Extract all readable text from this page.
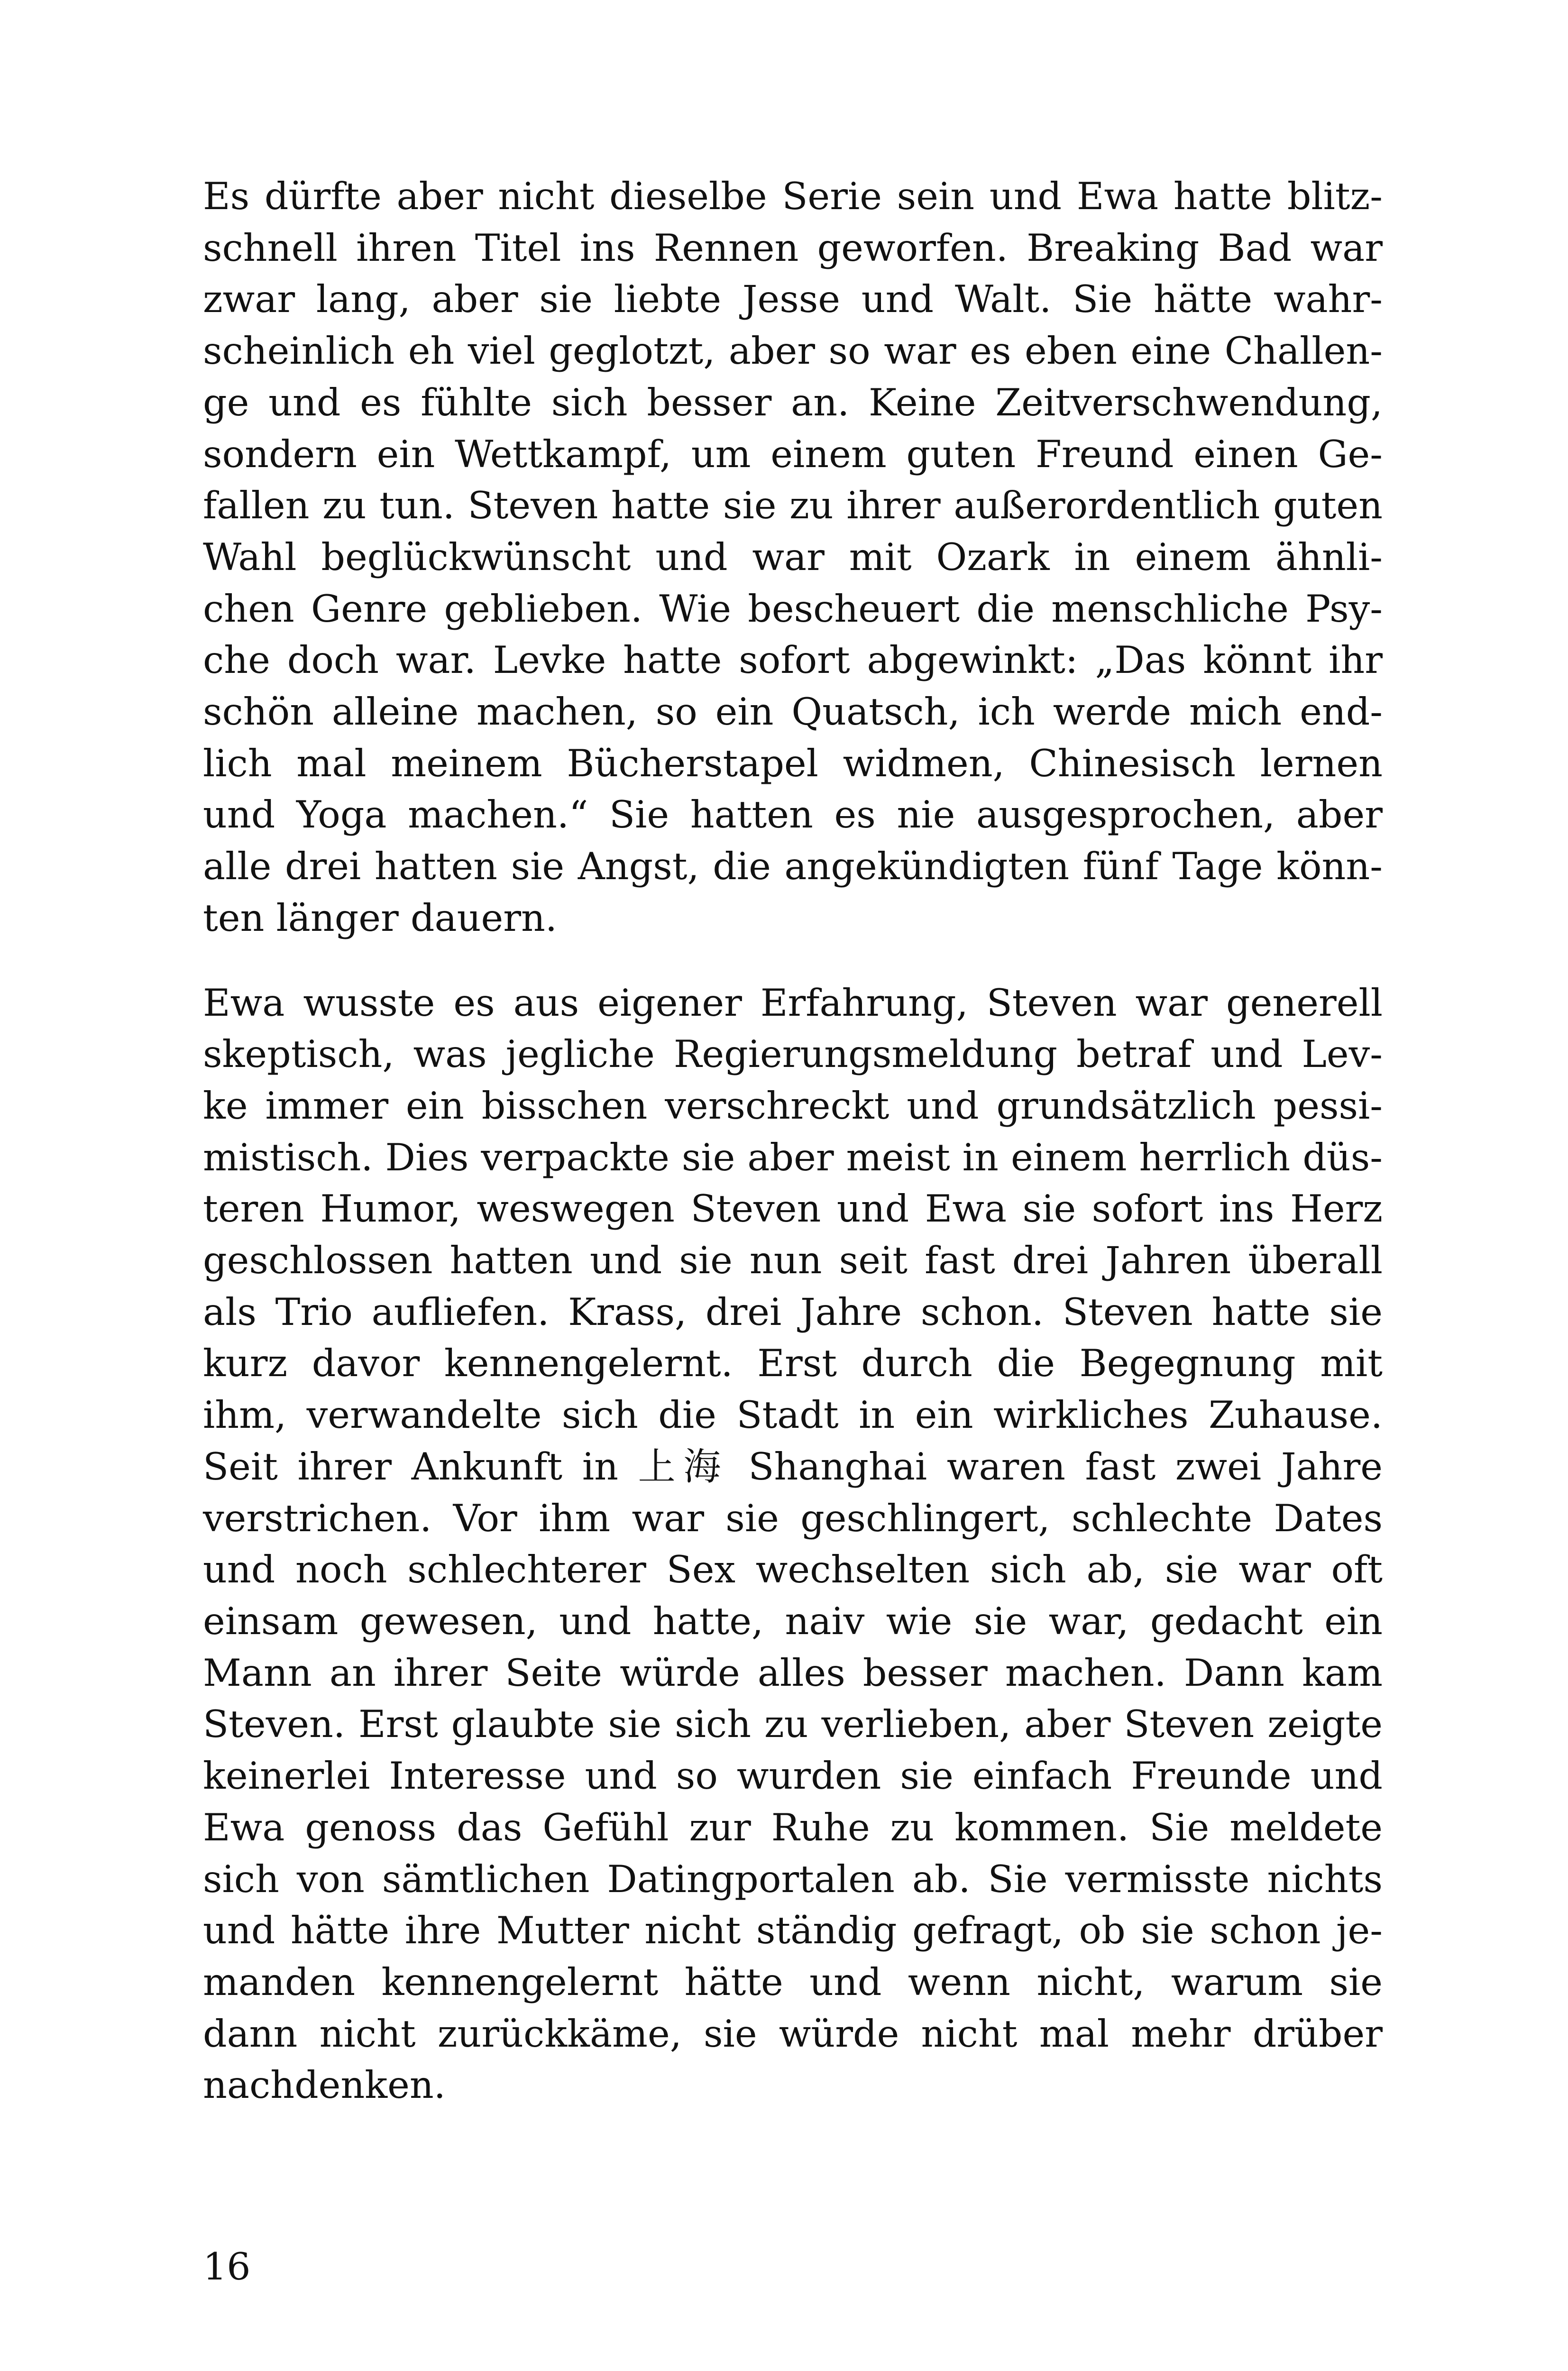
Es dürfte aber nicht dieselbe Serie sein und Ewa hatte blitz-
schnell ihren Titel ins Rennen geworfen. Breaking Bad war
zwar lang, aber sie liebte Jesse und Walt. Sie hätte wahr-
scheinlich eh viel geglotzt, aber so war es eben eine Challen-
ge und es fühlte sich besser an. Keine Zeitverschwendung,
sondern ein Wettkampf, um einem guten Freund einen Ge-
fallen zu tun. Steven hatte sie zu ihrer außerordentlich guten
Wahl beglückwünscht und war mit Ozark in einem ähnli-
chen Genre geblieben. Wie bescheuert die menschliche Psy-
che doch war. Levke hatte sofort abgewinkt: „Das könnt ihr
schön alleine machen, so ein Quatsch, ich werde mich end-
lich mal meinem Bücherstapel widmen, Chinesisch lernen
und Yoga machen.“ Sie hatten es nie ausgesprochen, aber
alle drei hatten sie Angst, die angekündigten fünf Tage könn-
ten länger dauern.
Ewa wusste es aus eigener Erfahrung, Steven war generell
skeptisch, was jegliche Regierungsmeldung betraf und Lev-
ke immer ein bisschen verschreckt und grundsätzlich pessi-
mistisch. Dies verpackte sie aber meist in einem herrlich düs-
teren Humor, weswegen Steven und Ewa sie sofort ins Herz
geschlossen hatten und sie nun seit fast drei Jahren überall
als Trio aufliefen. Krass, drei Jahre schon. Steven hatte sie
kurz davor kennengelernt. Erst durch die Begegnung mit
ihm, verwandelte sich die Stadt in ein wirkliches Zuhause.
Seit ihrer Ankunft in 上海 Shanghai waren fast zwei Jahre
verstrichen. Vor ihm war sie geschlingert, schlechte Dates
und noch schlechterer Sex wechselten sich ab, sie war oft
einsam gewesen, und hatte, naiv wie sie war, gedacht ein
Mann an ihrer Seite würde alles besser machen. Dann kam
Steven. Erst glaubte sie sich zu verlieben, aber Steven zeigte
keinerlei Interesse und so wurden sie einfach Freunde und
Ewa genoss das Gefühl zur Ruhe zu kommen. Sie meldete
sich von sämtlichen Datingportalen ab. Sie vermisste nichts
und hätte ihre Mutter nicht ständig gefragt, ob sie schon je-
manden kennengelernt hätte und wenn nicht, warum sie
dann nicht zurückkäme, sie würde nicht mal mehr drüber
nachdenken.
16
